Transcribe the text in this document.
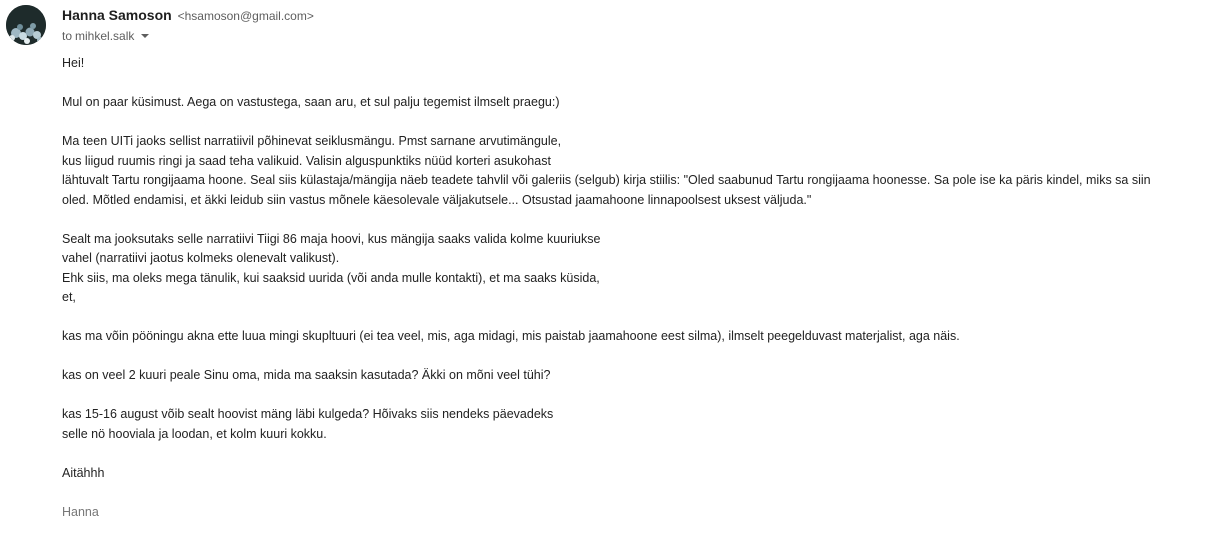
Hanna Samoson <hsamoson@gmail.com>
to mihkel.salk

Hei!

Mul on paar küsimust. Aega on vastustega, saan aru, et sul palju tegemist ilmselt praegu:)

Ma teen UITi jaoks sellist narratiivil põhinevat seiklusmängu. Pmst sarnane arvutimängule,
kus liigud ruumis ringi ja saad teha valikuid. Valisin alguspunktiks nüüd korteri asukohast
lähtuvalt Tartu rongijaama hoone. Seal siis külastaja/mängija näeb teadete tahvlil või galeriis (selgub) kirja stiilis: "Oled saabunud Tartu rongijaama hoonesse. Sa pole ise ka päris kindel, miks sa siin oled. Mõtled endamisi, et äkki leidub siin vastus mõnele käesolevale väljakutsele... Otsustad jaamahoone linnapoolsest uksest väljuda."
Sealt ma jooksutaks selle narratiivi Tiigi 86 maja hoovi, kus mängija saaks valida kolme kuuriukse
vahel (narratiivi jaotus kolmeks olenevalt valikust).
Ehk siis, ma oleks mega tänulik, kui saaksid uurida (või anda mulle kontakti), et ma saaks küsida,
et,

kas ma võin pööningu akna ette luua mingi skupltuuri (ei tea veel, mis, aga midagi, mis paistab jaamahoone eest silma), ilmselt peegelduvast materjalist, aga näis.

kas on veel 2 kuuri peale Sinu oma, mida ma saaksin kasutada? Äkki on mõni veel tühi?

kas 15-16 august võib sealt hoovist mäng läbi kulgeda? Hõivaks siis nendeks päevadeks
selle nö hooviala ja loodan, et kolm kuuri kokku.

Aitähhh

Hanna
